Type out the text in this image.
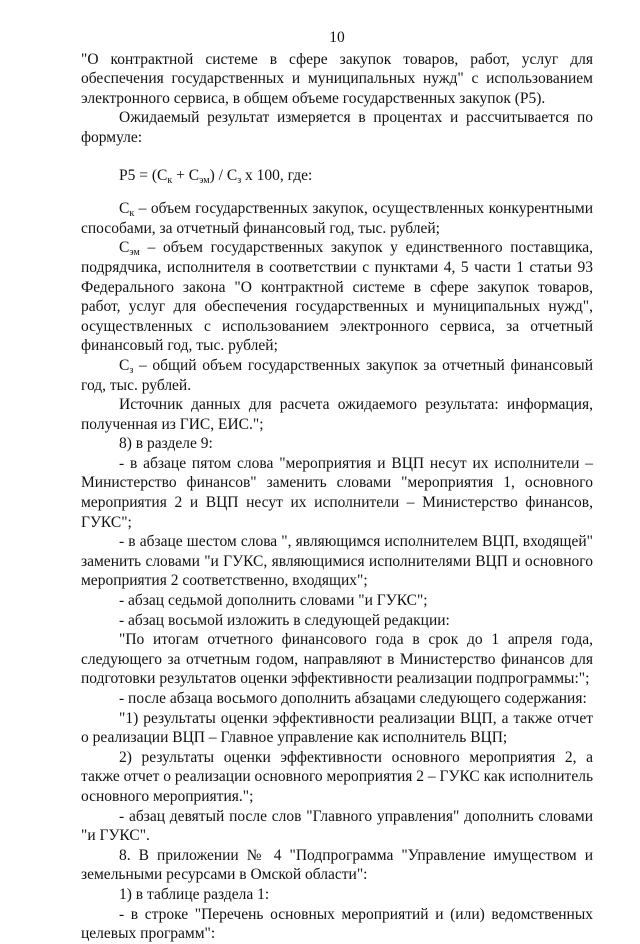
10

"О контрактной системе в сфере закупок товаров, работ, услуг для обеспечения государственных и муниципальных нужд" с использованием электронного сервиса, в общем объеме государственных закупок (Р5).

Ожидаемый результат измеряется в процентах и рассчитывается по формуле:

$Р5 = (С_к + С_{эм}) / С_з$ х 100, где:

$С_к$ – объем государственных закупок, осуществленных конкурентными способами, за отчетный финансовый год, тыс. рублей;

$С_{эм}$ – объем государственных закупок у единственного поставщика, подрядчика, исполнителя в соответствии с пунктами 4, 5 части 1 статьи 93 Федерального закона "О контрактной системе в сфере закупок товаров, работ, услуг для обеспечения государственных и муниципальных нужд", осуществленных с использованием электронного сервиса, за отчетный финансовый год, тыс. рублей;

$С_з$ – общий объем государственных закупок за отчетный финансовый год, тыс. рублей.

Источник данных для расчета ожидаемого результата: информация, полученная из ГИС, ЕИС.";

8) в разделе 9:

- в абзаце пятом слова "мероприятия и ВЦП несут их исполнители – Министерство финансов" заменить словами "мероприятия 1, основного мероприятия 2 и ВЦП несут их исполнители – Министерство финансов, ГУКС";

- в абзаце шестом слова ", являющимся исполнителем ВЦП, входящей" заменить словами "и ГУКС, являющимися исполнителями ВЦП и основного мероприятия 2 соответственно, входящих";

- абзац седьмой дополнить словами "и ГУКС";

- абзац восьмой изложить в следующей редакции:

"По итогам отчетного финансового года в срок до 1 апреля года, следующего за отчетным годом, направляют в Министерство финансов для подготовки результатов оценки эффективности реализации подпрограммы:";

- после абзаца восьмого дополнить абзацами следующего содержания:

"1) результаты оценки эффективности реализации ВЦП, а также отчет о реализации ВЦП – Главное управление как исполнитель ВЦП;

2) результаты оценки эффективности основного мероприятия 2, а также отчет о реализации основного мероприятия 2 – ГУКС как исполнитель основного мероприятия.";

- абзац девятый после слов "Главного управления" дополнить словами "и ГУКС".

8. В приложении № 4 "Подпрограмма "Управление имуществом и земельными ресурсами в Омской области":

1) в таблице раздела 1:

- в строке "Перечень основных мероприятий и (или) ведомственных целевых программ":
